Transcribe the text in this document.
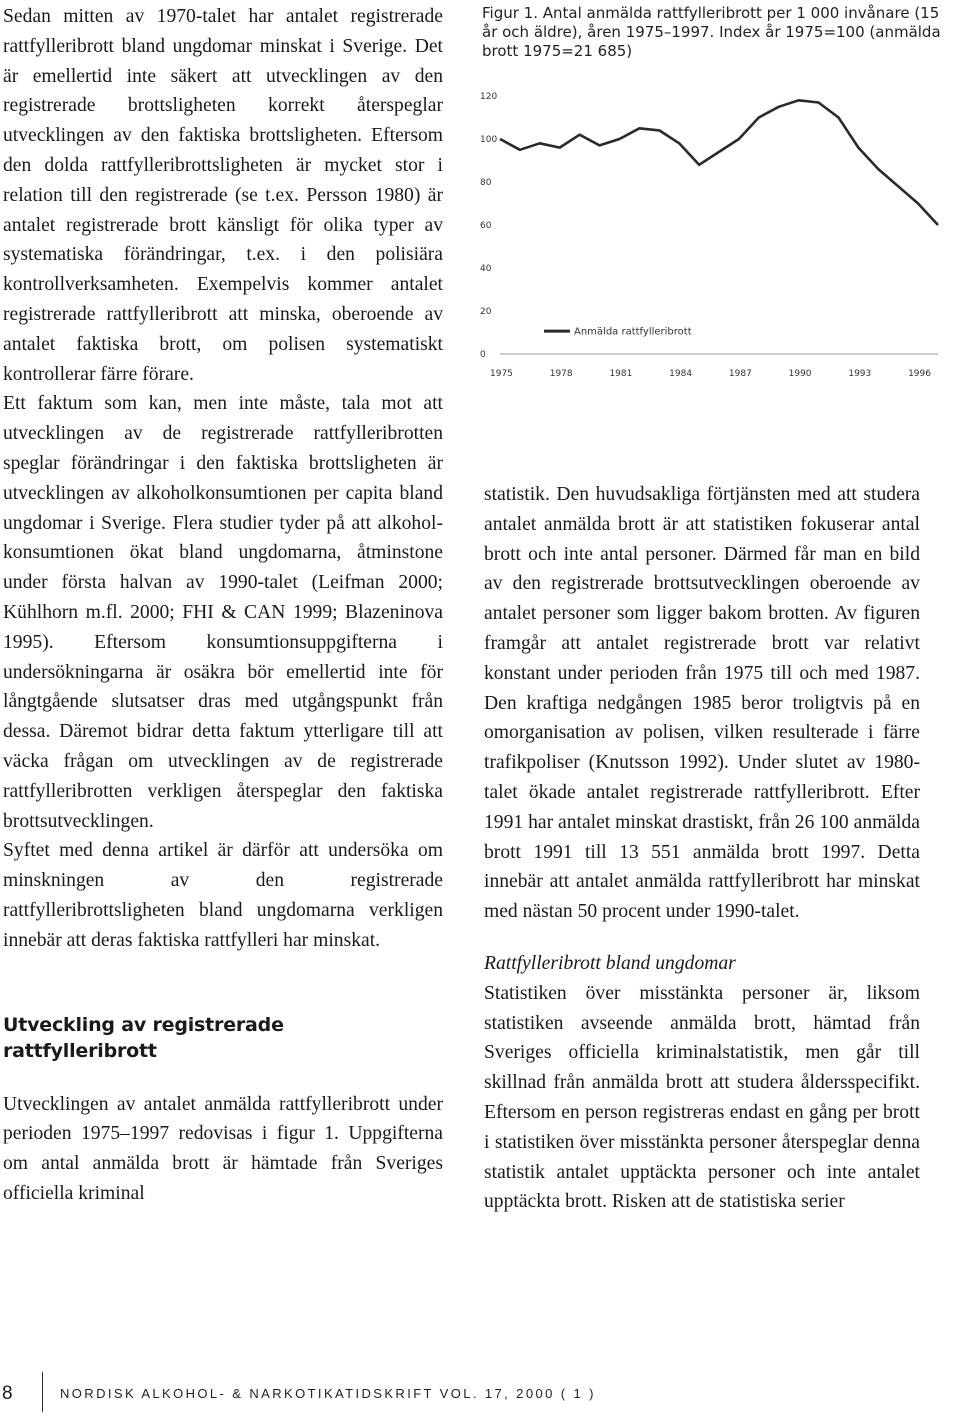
Sedan mitten av 1970-talet har antalet registrerade rattfylleribrott bland ungdomar minskat i Sverige. Det är emellertid inte säkert att utvecklingen av den registrerade brottsligheten korrekt återspeglar utvecklingen av den faktiska brottsligheten. Eftersom den dolda rattfylleribrottsligheten är mycket stor i relation till den registrerade (se t.ex. Persson 1980) är antalet registrerade brott känsligt för olika typer av systematiska förändringar, t.ex. i den polisiära kontrollverksamheten. Exempelvis kommer antalet registrerade rattfylleribrott att minska, oberoende av antalet faktiska brott, om polisen systematiskt kontrollerar färre förare.

Ett faktum som kan, men inte måste, tala mot att utvecklingen av de registrerade rattfylleribrotten speglar förändringar i den faktiska brottsligheten är utvecklingen av alkoholkonsumtionen per capita bland ungdomar i Sverige. Flera studier tyder på att alkoholkonsumtionen ökat bland ungdomarna, åtminstone under första halvan av 1990-talet (Leifman 2000; Kühlhorn m.fl. 2000; FHI & CAN 1999; Blazeninova 1995). Eftersom konsumtionsuppgifterna i undersökningarna är osäkra bör emellertid inte för långtgående slutsatser dras med utgångspunkt från dessa. Däremot bidrar detta faktum ytterligare till att väcka frågan om utvecklingen av de registrerade rattfylleribrotten verkligen återspeglar den faktiska brottsutvecklingen.

Syftet med denna artikel är därför att undersöka om minskningen av den registrerade rattfylleribrottsligheten bland ungdomarna verkligen innebär att deras faktiska rattfylleri har minskat.

Utveckling av registrerade rattfylleribrott

Utvecklingen av antalet anmälda rattfylleribrott under perioden 1975–1997 redovisas i figur 1. Uppgifterna om antal anmälda brott är hämtade från Sveriges officiella kriminal

Figur 1. Antal anmälda rattfylleribrott per 1 000 invånare (15 år och äldre), åren 1975–1997. Index år 1975=100 (anmälda brott 1975=21 685)
0
20
40
60
80
100
120
1975	1978	1981	1984	1987	1990	1993	1996
Anmälda rattfylleribrott
8	NORDISK ALKOHOL- & NARKOTIKATIDSKRIFT VOL. 17, 2000 ( 1 )

statistik. Den huvudsakliga förtjänsten med att studera antalet anmälda brott är att statistiken fokuserar antal brott och inte antal personer. Därmed får man en bild av den registrerade brottsutvecklingen oberoende av antalet personer som ligger bakom brotten. Av figuren framgår att antalet registrerade brott var relativt konstant under perioden från 1975 till och med 1987. Den kraftiga nedgången 1985 beror troligtvis på en omorganisation av polisen, vilken resulterade i färre trafikpoliser (Knutsson 1992). Under slutet av 1980-talet ökade antalet registrerade rattfylleribrott. Efter 1991 har antalet minskat drastiskt, från 26 100 anmälda brott 1991 till 13 551 anmälda brott 1997. Detta innebär att antalet anmälda rattfylleribrott har minskat med nästan 50 procent under 1990-talet.

Rattfylleribrott bland ungdomar

Statistiken över misstänkta personer är, liksom statistiken avseende anmälda brott, hämtad från Sveriges officiella kriminalstatistik, men går till skillnad från anmälda brott att studera åldersspecifikt. Eftersom en person registreras endast en gång per brott i statistiken över misstänkta personer återspeglar denna statistik antalet upptäckta personer och inte antalet upptäckta brott. Risken att de statistiska serier
